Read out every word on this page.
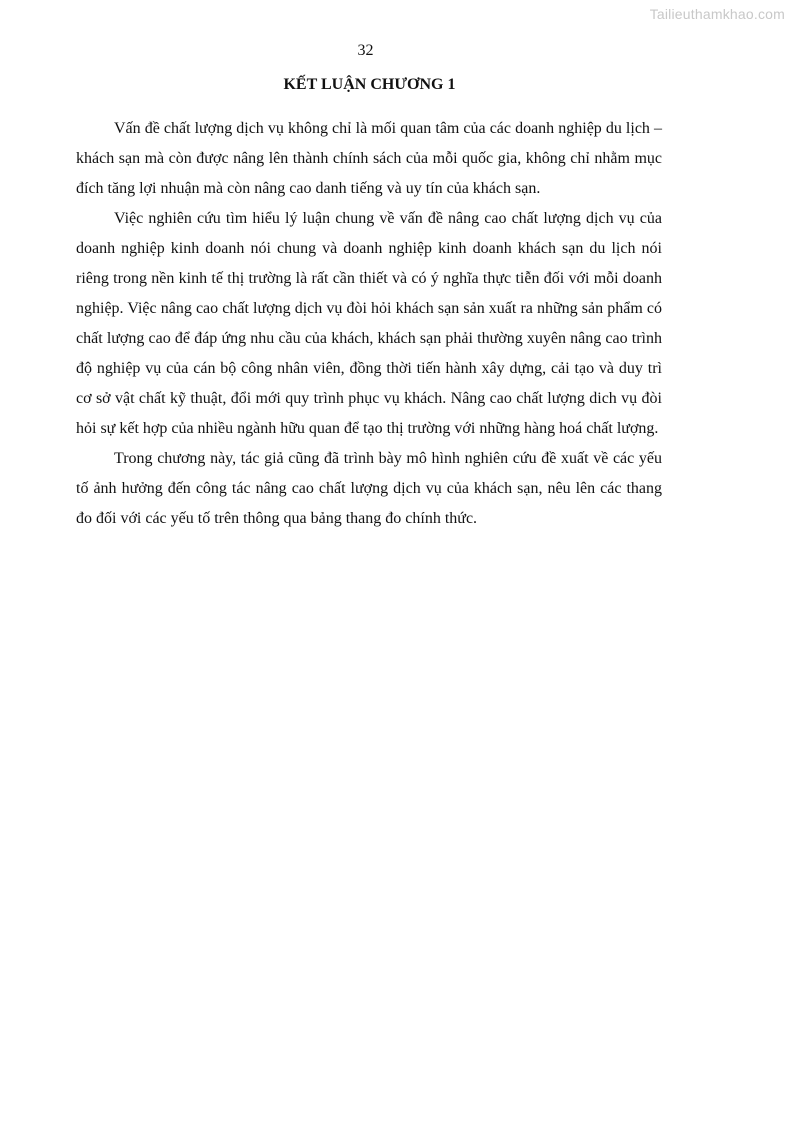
Tailieuthamkhao.com
32
KẾT LUẬN CHƯƠNG 1

Vấn đề chất lượng dịch vụ không chỉ là mối quan tâm của các doanh nghiệp du lịch – khách sạn mà còn được nâng lên thành chính sách của mỗi quốc gia, không chỉ nhằm mục đích tăng lợi nhuận mà còn nâng cao danh tiếng và uy tín của khách sạn.

Việc nghiên cứu tìm hiểu lý luận chung về vấn đề nâng cao chất lượng dịch vụ của doanh nghiệp kinh doanh nói chung và doanh nghiệp kinh doanh khách sạn du lịch nói riêng trong nền kinh tế thị trường là rất cần thiết và có ý nghĩa thực tiễn đối với mỗi doanh nghiệp. Việc nâng cao chất lượng dịch vụ đòi hỏi khách sạn sản xuất ra những sản phẩm có chất lượng cao để đáp ứng nhu cầu của khách, khách sạn phải thường xuyên nâng cao trình độ nghiệp vụ của cán bộ công nhân viên, đồng thời tiến hành xây dựng, cải tạo và duy trì cơ sở vật chất kỹ thuật, đổi mới quy trình phục vụ khách. Nâng cao chất lượng dich vụ đòi hỏi sự kết hợp của nhiều ngành hữu quan để tạo thị trường với những hàng hoá chất lượng.

Trong chương này, tác giả cũng đã trình bày mô hình nghiên cứu đề xuất về các yếu tố ảnh hưởng đến công tác nâng cao chất lượng dịch vụ của khách sạn, nêu lên các thang đo đối với các yếu tố trên thông qua bảng thang đo chính thức.
